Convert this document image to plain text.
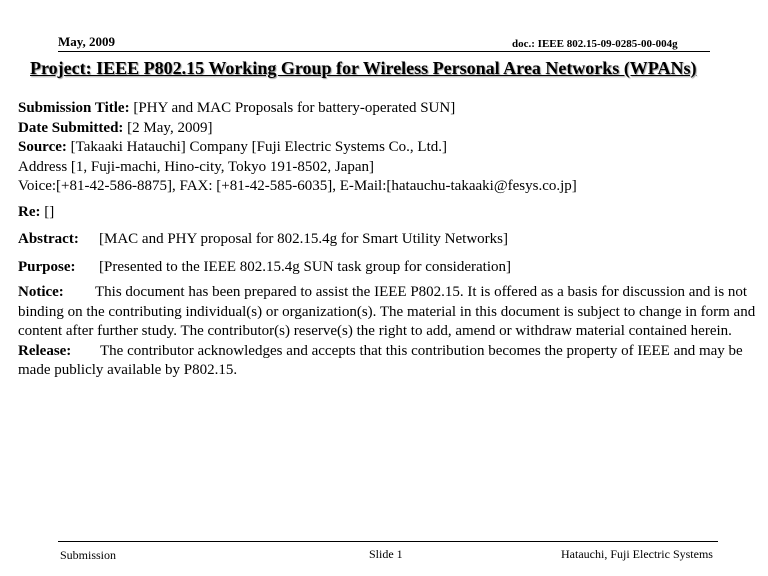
May, 2009	doc.: IEEE 802.15-09-0285-00-004g
Project: IEEE P802.15 Working Group for Wireless Personal Area Networks (WPANs)
Submission Title: [PHY and MAC Proposals for battery-operated SUN]
Date Submitted: [2 May, 2009]
Source: [Takaaki Hatauchi] Company [Fuji Electric Systems Co., Ltd.]
Address [1, Fuji-machi, Hino-city, Tokyo 191-8502, Japan]
Voice:[+81-42-586-8875], FAX: [+81-42-585-6035], E-Mail:[hatauchu-takaaki@fesys.co.jp]
Re: []
Abstract: [MAC and PHY proposal for 802.15.4g for Smart Utility Networks]
Purpose: [Presented to the IEEE 802.15.4g SUN task group for consideration]
Notice: This document has been prepared to assist the IEEE P802.15. It is offered as a basis for discussion and is not binding on the contributing individual(s) or organization(s). The material in this document is subject to change in form and content after further study. The contributor(s) reserve(s) the right to add, amend or withdraw material contained herein.
Release: The contributor acknowledges and accepts that this contribution becomes the property of IEEE and may be made publicly available by P802.15.
Submission	Slide 1	Hatauchi, Fuji Electric Systems
